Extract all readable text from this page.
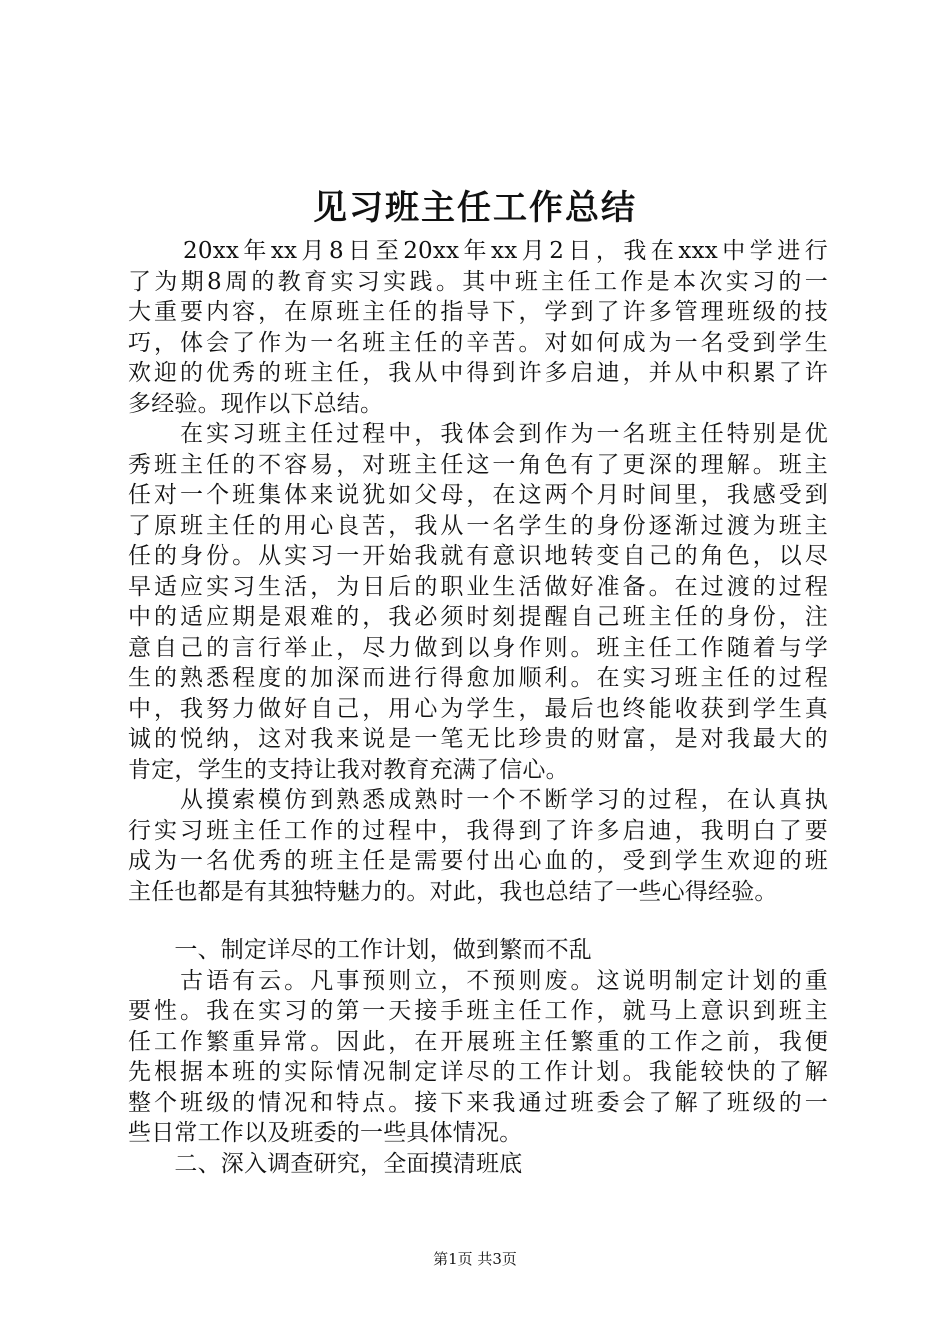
见习班主任工作总结
　　20xx年xx月8日至20xx年xx月2日，我在xxx中学进行
了为期8周的教育实习实践。其中班主任工作是本次实习的一
大重要内容，在原班主任的指导下，学到了许多管理班级的技
巧，体会了作为一名班主任的辛苦。对如何成为一名受到学生
欢迎的优秀的班主任，我从中得到许多启迪，并从中积累了许
多经验。现作以下总结。
　　在实习班主任过程中，我体会到作为一名班主任特别是优
秀班主任的不容易，对班主任这一角色有了更深的理解。班主
任对一个班集体来说犹如父母，在这两个月时间里，我感受到
了原班主任的用心良苦，我从一名学生的身份逐渐过渡为班主
任的身份。从实习一开始我就有意识地转变自己的角色，以尽
早适应实习生活，为日后的职业生活做好准备。在过渡的过程
中的适应期是艰难的，我必须时刻提醒自己班主任的身份，注
意自己的言行举止，尽力做到以身作则。班主任工作随着与学
生的熟悉程度的加深而进行得愈加顺利。在实习班主任的过程
中，我努力做好自己，用心为学生，最后也终能收获到学生真
诚的悦纳，这对我来说是一笔无比珍贵的财富，是对我最大的
肯定，学生的支持让我对教育充满了信心。
　　从摸索模仿到熟悉成熟时一个不断学习的过程，在认真执
行实习班主任工作的过程中，我得到了许多启迪，我明白了要
成为一名优秀的班主任是需要付出心血的，受到学生欢迎的班
主任也都是有其独特魅力的。对此，我也总结了一些心得经验。
　　一、制定详尽的工作计划，做到繁而不乱
　　古语有云。凡事预则立，不预则废。这说明制定计划的重
要性。我在实习的第一天接手班主任工作，就马上意识到班主
任工作繁重异常。因此，在开展班主任繁重的工作之前，我便
先根据本班的实际情况制定详尽的工作计划。我能较快的了解
整个班级的情况和特点。接下来我通过班委会了解了班级的一
些日常工作以及班委的一些具体情况。
　　二、深入调查研究，全面摸清班底
第1页 共3页
